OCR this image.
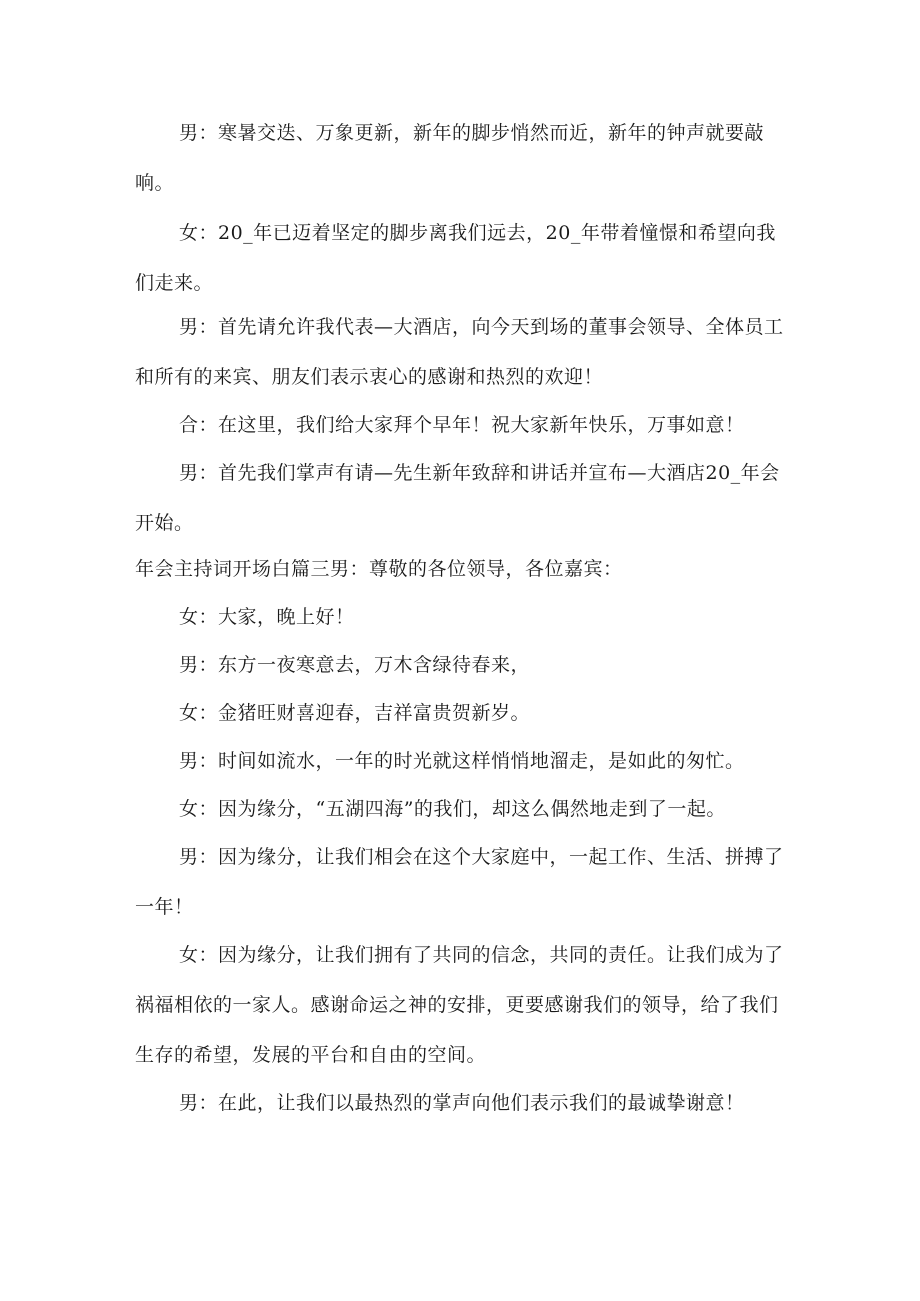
男：寒暑交迭、万象更新，新年的脚步悄然而近，新年的钟声就要敲响。

女：20_年已迈着坚定的脚步离我们远去，20_年带着憧憬和希望向我们走来。

男：首先请允许我代表—大酒店，向今天到场的董事会领导、全体员工和所有的来宾、朋友们表示衷心的感谢和热烈的欢迎！

合：在这里，我们给大家拜个早年！祝大家新年快乐，万事如意！

男：首先我们掌声有请—先生新年致辞和讲话并宣布—大酒店20_年会开始。

年会主持词开场白篇三男：尊敬的各位领导，各位嘉宾：

女：大家，晚上好！

男：东方一夜寒意去，万木含绿待春来，

女：金猪旺财喜迎春，吉祥富贵贺新岁。

男：时间如流水，一年的时光就这样悄悄地溜走，是如此的匆忙。

女：因为缘分，“五湖四海”的我们，却这么偶然地走到了一起。

男：因为缘分，让我们相会在这个大家庭中，一起工作、生活、拼搏了一年！

女：因为缘分，让我们拥有了共同的信念，共同的责任。让我们成为了祸福相依的一家人。感谢命运之神的安排，更要感谢我们的领导，给了我们生存的希望，发展的平台和自由的空间。

男：在此，让我们以最热烈的掌声向他们表示我们的最诚挚谢意！
